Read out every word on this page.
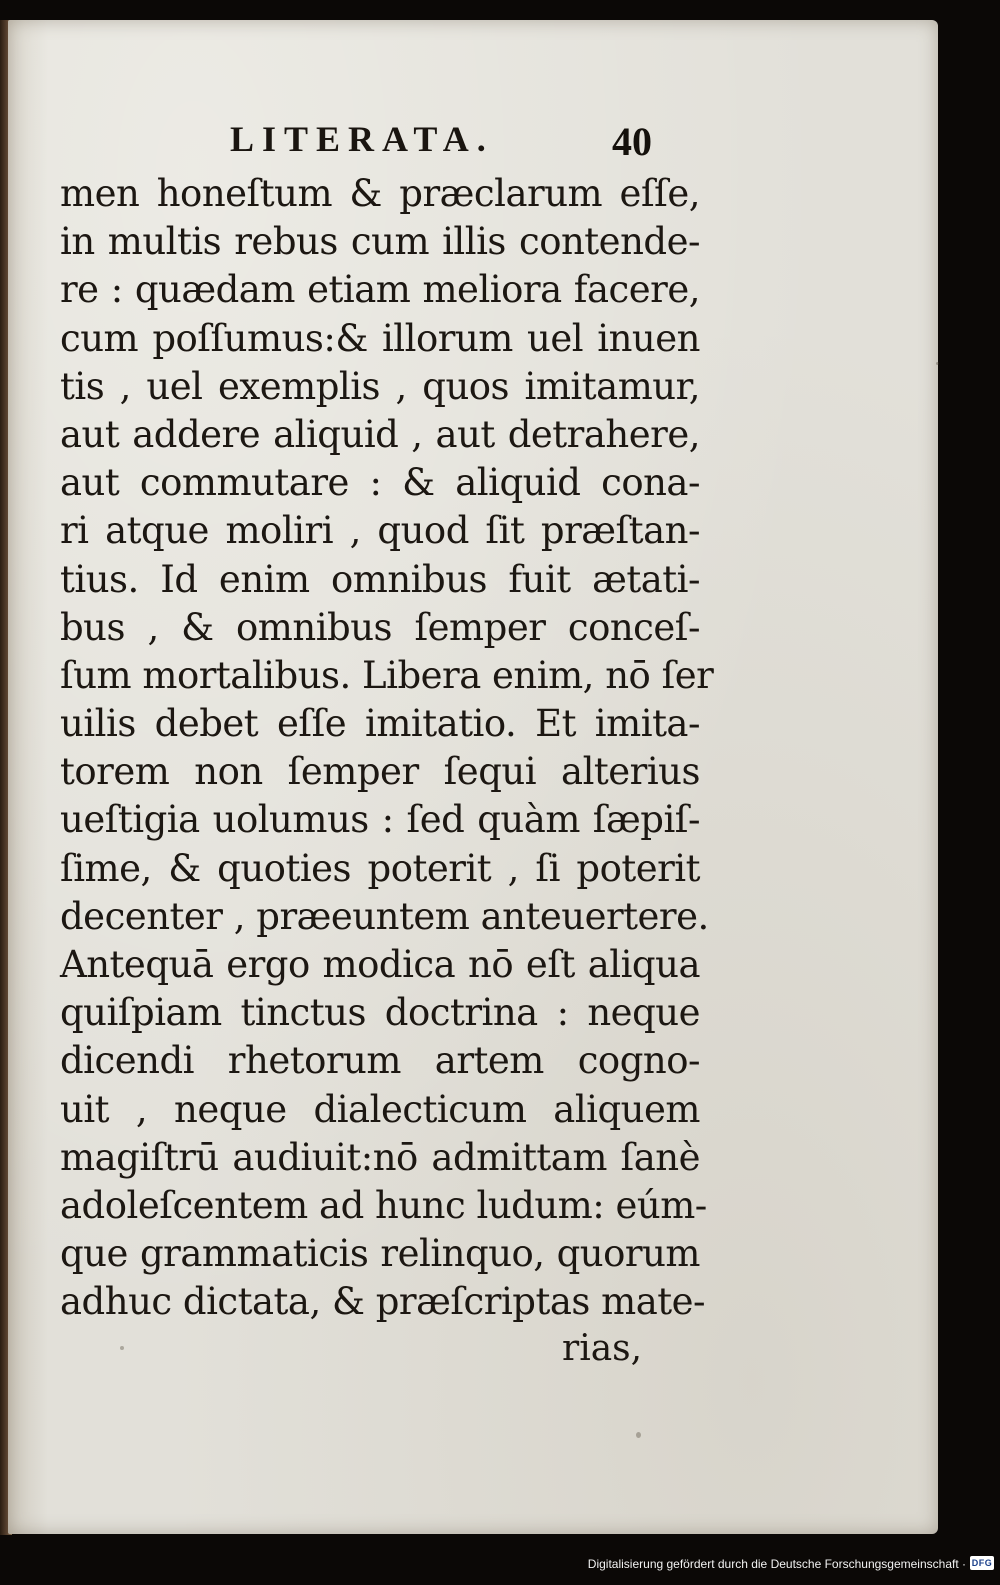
LITERATA.	40
men honeſtum & præclarum eſſe,
in multis rebus cum illis contende-
re : quædam etiam meliora facere,
cum poſſumus:& illorum uel inuen
tis , uel exemplis , quos imitamur,
aut addere aliquid , aut detrahere,
aut commutare : & aliquid cona-
ri atque moliri , quod ſit præſtan-
tius. Id enim omnibus fuit ætati-
bus , & omnibus ſemper conceſ-
ſum mortalibus. Libera enim, nō ſer
uilis debet eſſe imitatio. Et imita-
torem non ſemper ſequi alterius
ueſtigia uolumus : ſed quàm ſæpiſ-
ſime, & quoties poterit , ſi poterit
decenter , præeuntem anteuertere.
Antequā ergo modica nō eſt aliqua
quiſpiam tinctus doctrina : neque
dicendi rhetorum artem cogno-
uit , neque dialecticum aliquem
magiſtrū audiuit:nō admittam ſanè
adoleſcentem ad hunc ludum: eúm-
que grammaticis relinquo, quorum
adhuc dictata, & præſcriptas mate-
rias,
Digitalisierung gefördert durch die Deutsche Forschungsgemeinschaft · DFG
